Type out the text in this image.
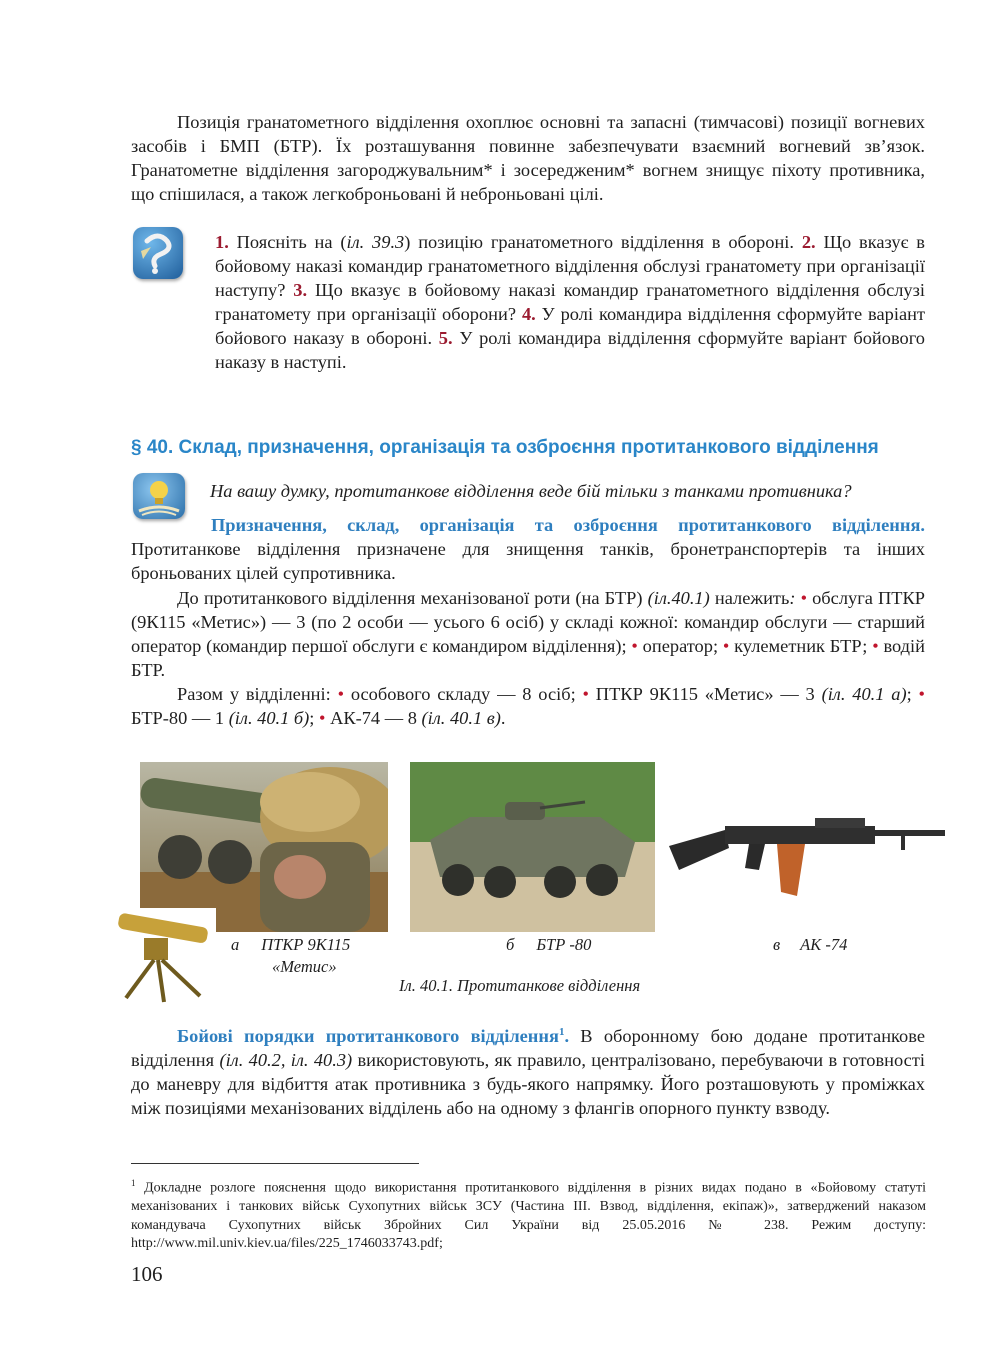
Позиція гранатометного відділення охоплює основні та запасні (тимчасові) позиції вогневих засобів і БМП (БТР). Їх розташування повинне забезпечувати взаємний вогневий зв’язок. Гранатометне відділення загороджувальним* і зосередженим* вогнем знищує піхоту противника, що спішилася, а також легкоброньовані й неброньовані цілі.
1. Поясніть на (іл. 39.3) позицію гранатометного відділення в обороні. 2. Що вказує в бойовому наказі командир гранатометного відділення обслузі гранатомету при організації наступу? 3. Що вказує в бойовому наказі командир гранатометного відділення обслузі гранатомету при організації оборони? 4. У ролі командира відділення сформуйте варіант бойового наказу в обороні. 5. У ролі командира відділення сформуйте варіант бойового наказу в наступі.
§ 40. Склад, призначення, організація та озброєння протитанкового відділення
На вашу думку, протитанкове відділення веде бій тільки з танками противника?
Призначення, склад, організація та озброєння протитанкового відділення. Протитанкове відділення призначене для знищення танків, бронетранспортерів та інших броньованих цілей супротивника.
До протитанкового відділення механізованої роти (на БТР) (іл.40.1) належить: • обслуга ПТКР (9К115 «Метис») — 3 (по 2 особи — усього 6 осіб) у складі кожної: командир обслуги — старший оператор (командир першої обслуги є командиром відділення); • оператор; • кулеметник БТР; • водій БТР.
Разом у відділенні: • особового складу — 8 осіб; • ПТКР 9К115 «Метис» — 3 (іл. 40.1 а); • БТР-80 — 1 (іл. 40.1 б); • АК-74 — 8 (іл. 40.1 в).
а ПТКР 9К115
«Метис»
б БТР -80	в АК -74
Іл. 40.1. Протитанкове відділення
Бойові порядки протитанкового відділення$^1$. В оборонному бою додане протитанкове відділення (іл. 40.2, іл. 40.3) використовують, як правило, централізовано, перебуваючи в готовності до маневру для відбиття атак противника з будь-якого напрямку. Його розташовують у проміжках між позиціями механізованих відділень або на одному з флангів опорного пункту взводу.
$^1$ Докладне розлоге пояснення щодо використання протитанкового відділення в різних видах подано в «Бойовому статуті механізованих і танкових військ Сухопутних військ ЗСУ (Частина ІІІ. Взвод, відділення, екіпаж)», затверджений наказом командувача Сухопутних військ Збройних Сил України від 25.05.2016 № 238. Режим доступу: http://www.mil.univ.kiev.ua/files/225_1746033743.pdf;
106
